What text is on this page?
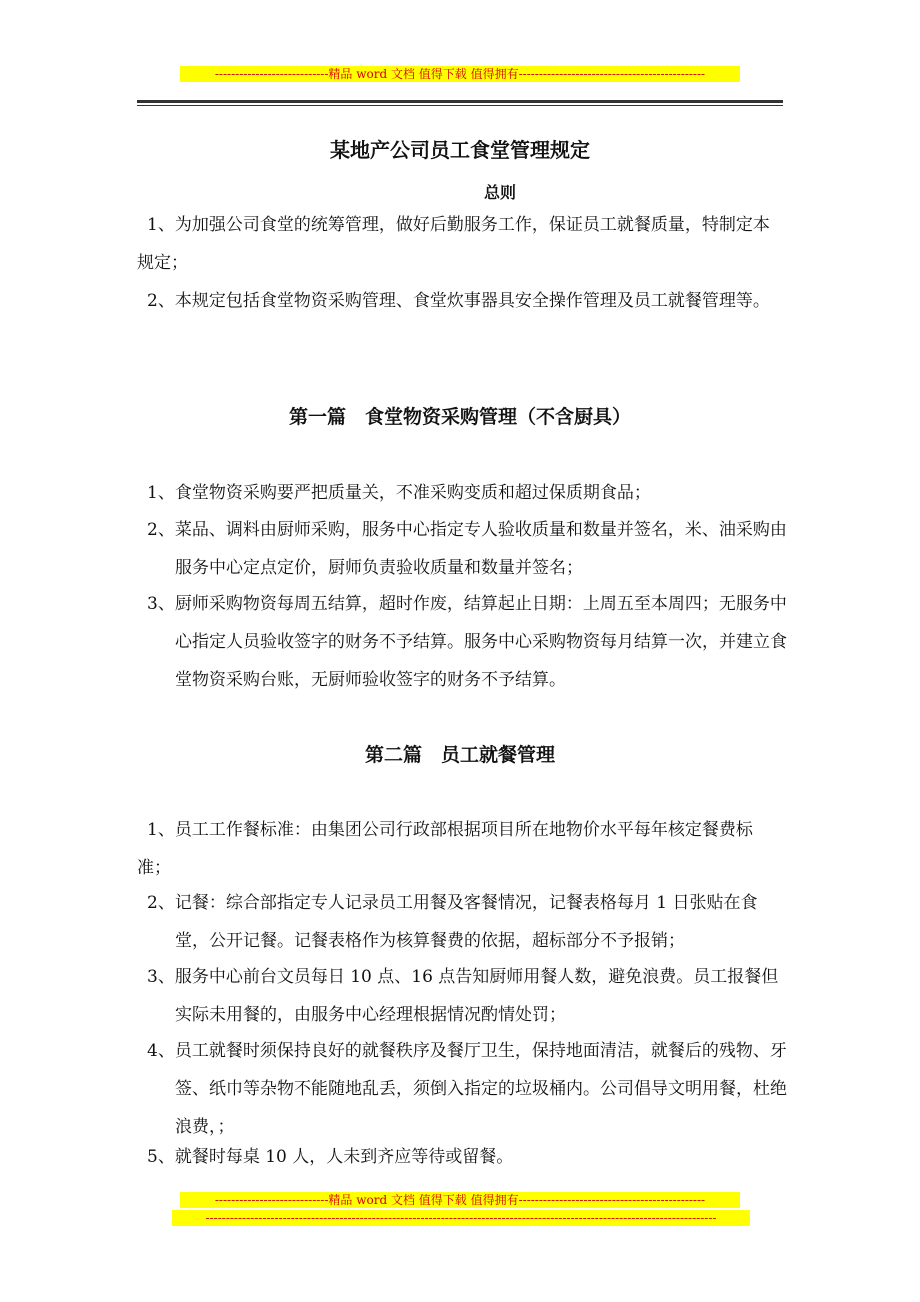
----------------------------精品 word 文档 值得下载 值得拥有----------------------------------------------
某地产公司员工食堂管理规定
总则
1、为加强公司食堂的统筹管理，做好后勤服务工作，保证员工就餐质量，特制定本规定；
2、本规定包括食堂物资采购管理、食堂炊事器具安全操作管理及员工就餐管理等。
第一篇　食堂物资采购管理（不含厨具）
1、食堂物资采购要严把质量关，不准采购变质和超过保质期食品；
2、菜品、调料由厨师采购，服务中心指定专人验收质量和数量并签名，米、油采购由服务中心定点定价，厨师负责验收质量和数量并签名；
3、厨师采购物资每周五结算，超时作废，结算起止日期：上周五至本周四；无服务中心指定人员验收签字的财务不予结算。服务中心采购物资每月结算一次，并建立食堂物资采购台账，无厨师验收签字的财务不予结算。
第二篇　员工就餐管理
1、员工工作餐标准：由集团公司行政部根据项目所在地物价水平每年核定餐费标准；
2、记餐：综合部指定专人记录员工用餐及客餐情况，记餐表格每月 1 日张贴在食堂，公开记餐。记餐表格作为核算餐费的依据，超标部分不予报销；
3、服务中心前台文员每日 10 点、16 点告知厨师用餐人数，避免浪费。员工报餐但实际未用餐的，由服务中心经理根据情况酌情处罚；
4、员工就餐时须保持良好的就餐秩序及餐厅卫生，保持地面清洁，就餐后的残物、牙签、纸巾等杂物不能随地乱丢，须倒入指定的垃圾桶内。公司倡导文明用餐，杜绝浪费，；
5、就餐时每桌 10 人，人未到齐应等待或留餐。
----------------------------精品 word 文档 值得下载 值得拥有----------------------------------------------
------------------------------------------------------------------------------------------------------------------------------
